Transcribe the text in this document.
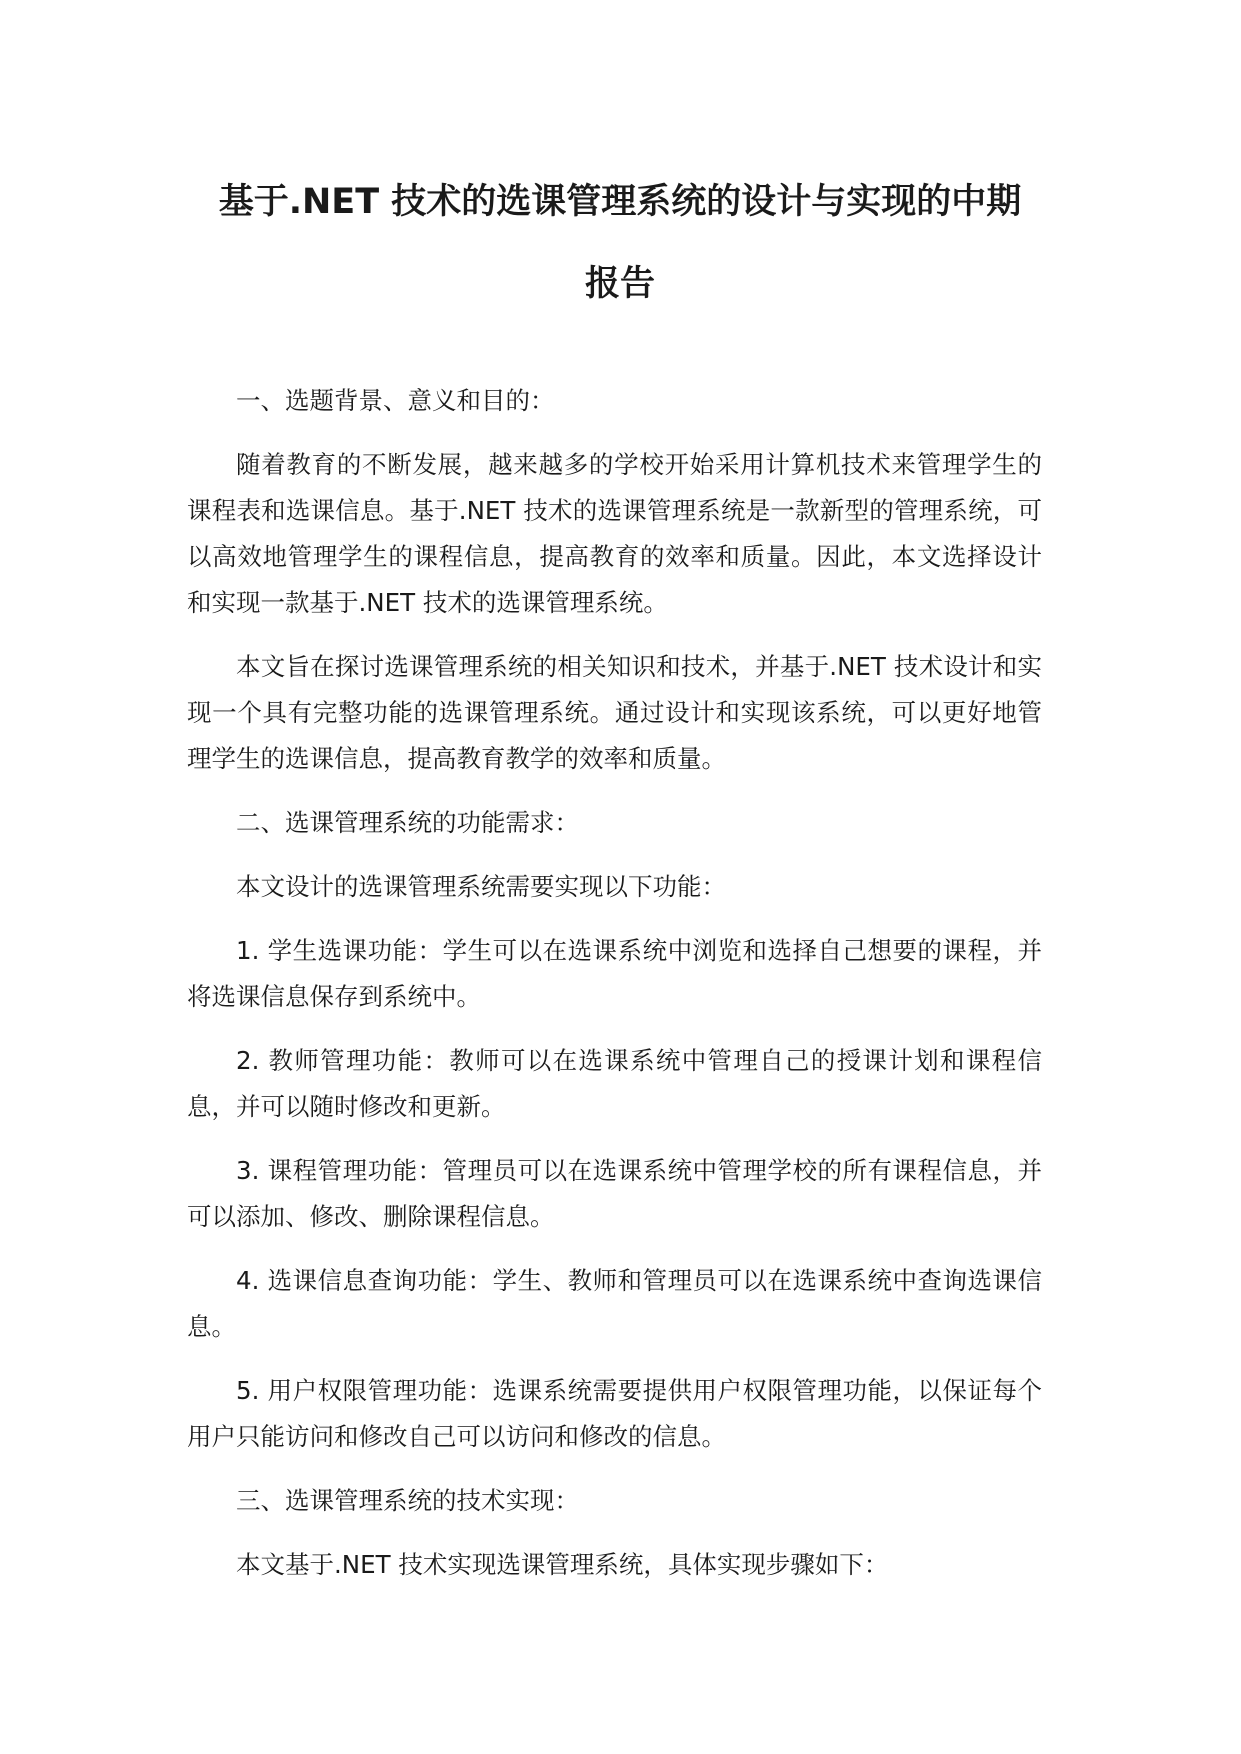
基于.NET 技术的选课管理系统的设计与实现的中期
报告

一、选题背景、意义和目的：

随着教育的不断发展，越来越多的学校开始采用计算机技术来管理学生的课程表和选课信息。基于.NET 技术的选课管理系统是一款新型的管理系统，可以高效地管理学生的课程信息，提高教育的效率和质量。因此，本文选择设计和实现一款基于.NET 技术的选课管理系统。

本文旨在探讨选课管理系统的相关知识和技术，并基于.NET 技术设计和实现一个具有完整功能的选课管理系统。通过设计和实现该系统，可以更好地管理学生的选课信息，提高教育教学的效率和质量。

二、选课管理系统的功能需求：

本文设计的选课管理系统需要实现以下功能：

1. 学生选课功能：学生可以在选课系统中浏览和选择自己想要的课程，并将选课信息保存到系统中。

2. 教师管理功能：教师可以在选课系统中管理自己的授课计划和课程信息，并可以随时修改和更新。

3. 课程管理功能：管理员可以在选课系统中管理学校的所有课程信息，并可以添加、修改、删除课程信息。

4. 选课信息查询功能：学生、教师和管理员可以在选课系统中查询选课信息。

5. 用户权限管理功能：选课系统需要提供用户权限管理功能，以保证每个用户只能访问和修改自己可以访问和修改的信息。

三、选课管理系统的技术实现：

本文基于.NET 技术实现选课管理系统，具体实现步骤如下：
